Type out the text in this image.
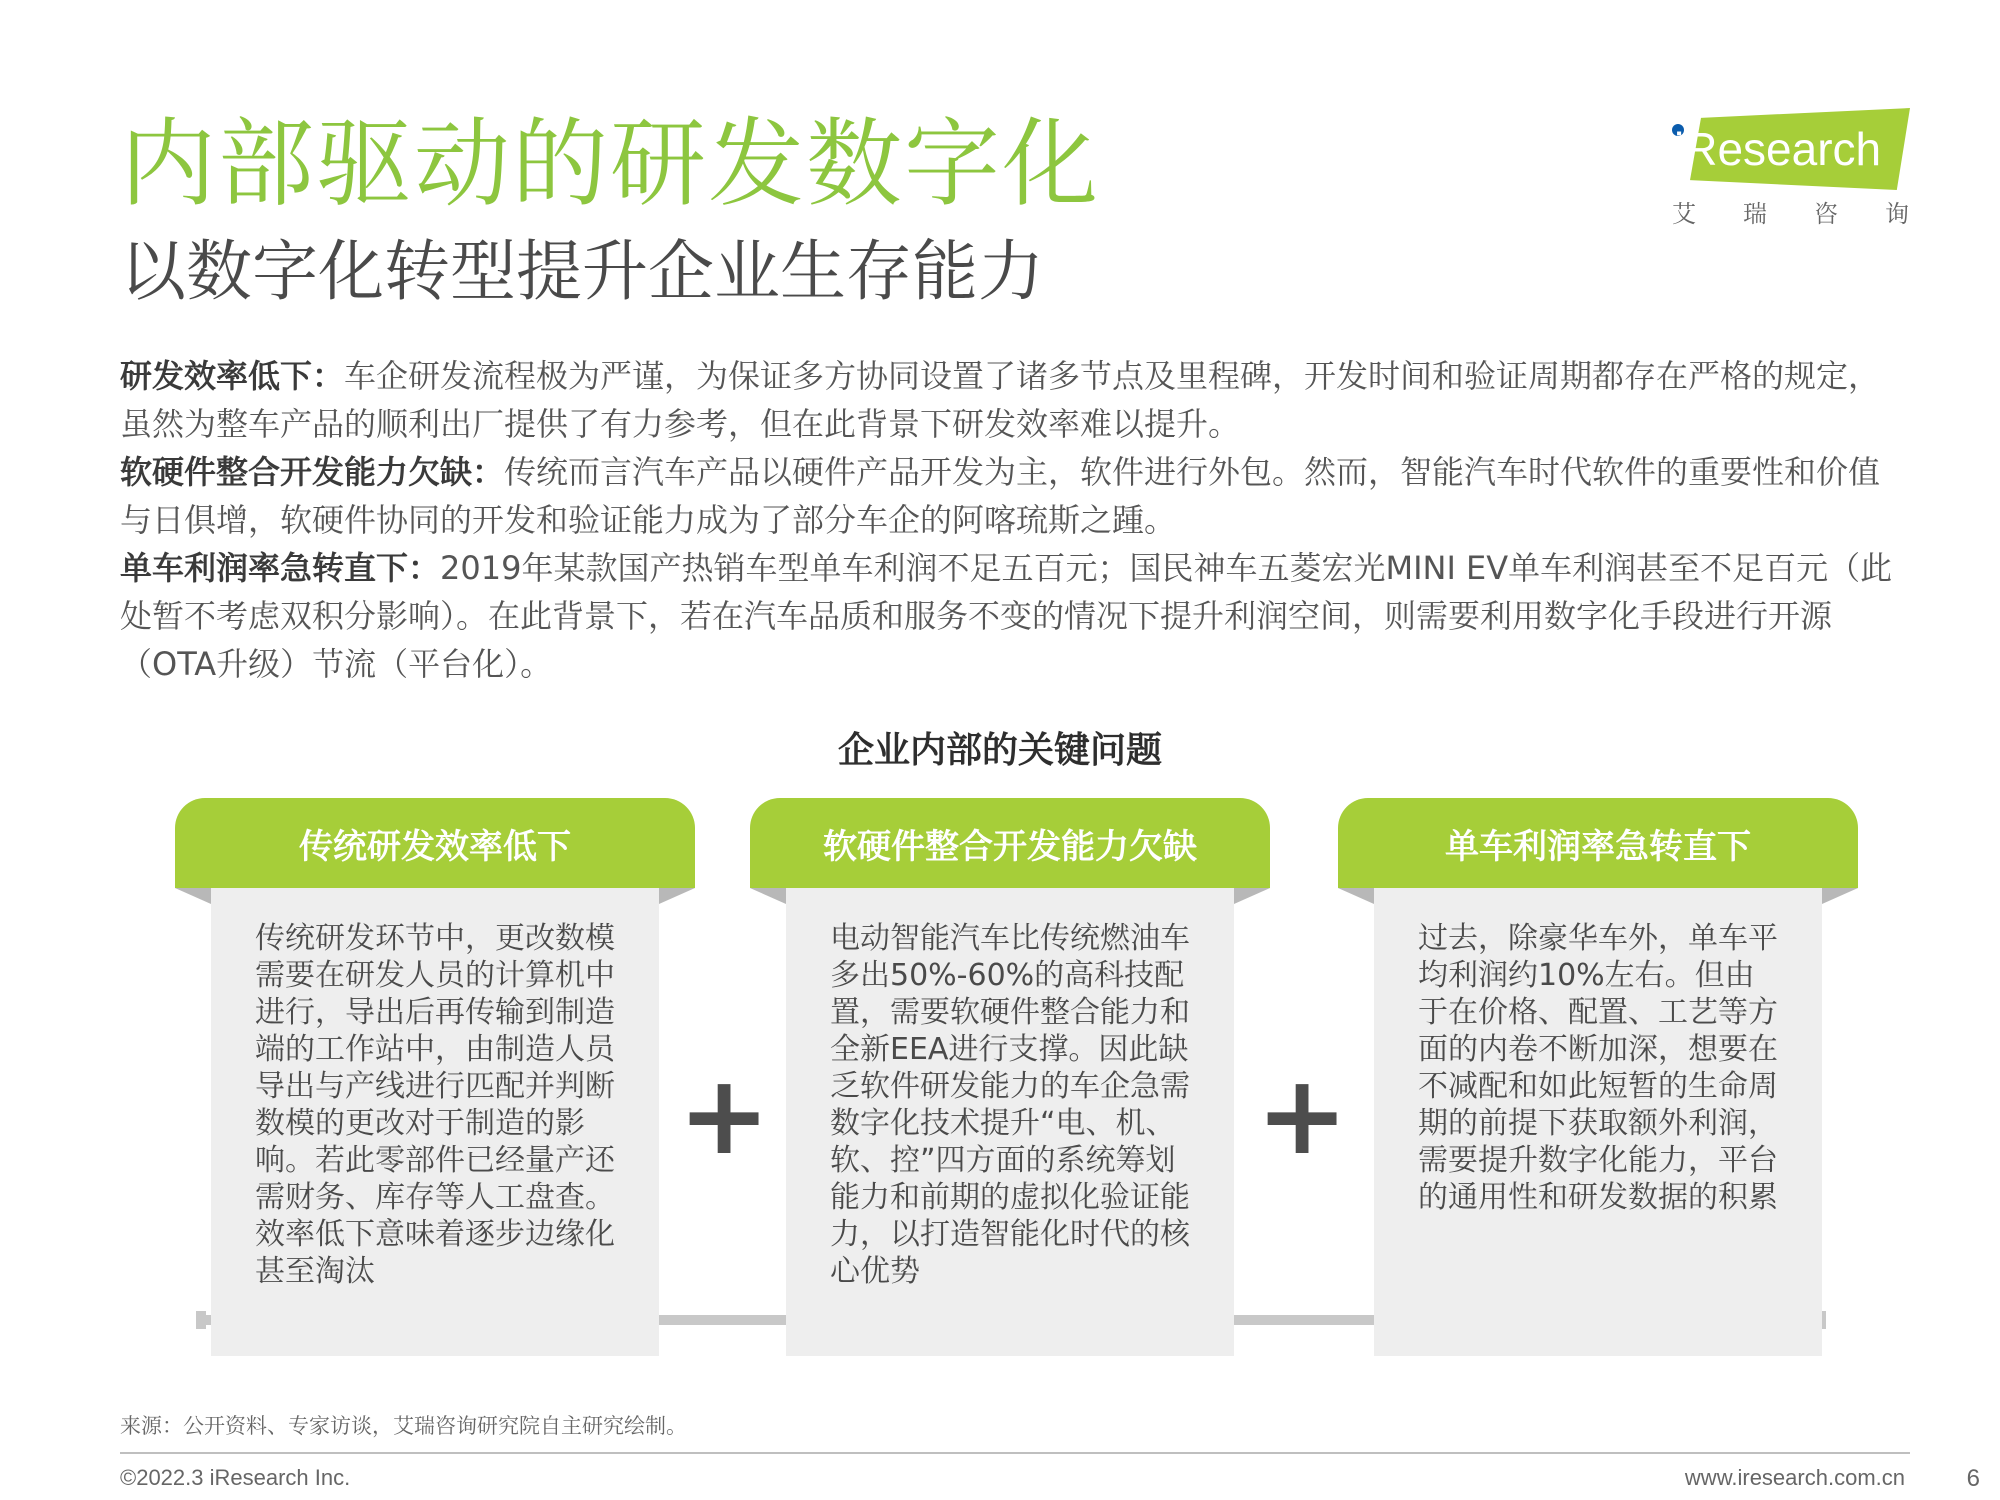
内部驱动的研发数字化
以数字化转型提升企业生存能力
iResearch
艾瑞咨询

研发效率低下：车企研发流程极为严谨，为保证多方协同设置了诸多节点及里程碑，开发时间和验证周期都存在严格的规定，虽然为整车产品的顺利出厂提供了有力参考，但在此背景下研发效率难以提升。

软硬件整合开发能力欠缺：传统而言汽车产品以硬件产品开发为主，软件进行外包。然而，智能汽车时代软件的重要性和价值与日俱增，软硬件协同的开发和验证能力成为了部分车企的阿喀琉斯之踵。

单车利润率急转直下：2019年某款国产热销车型单车利润不足五百元；国民神车五菱宏光MINI EV单车利润甚至不足百元（此处暂不考虑双积分影响）。在此背景下，若在汽车品质和服务不变的情况下提升利润空间，则需要利用数字化手段进行开源（OTA升级）节流（平台化）。

企业内部的关键问题
传统研发效率低下

传统研发环节中，更改数模需要在研发人员的计算机中进行，导出后再传输到制造端的工作站中，由制造人员导出与产线进行匹配并判断数模的更改对于制造的影响。若此零部件已经量产还需财务、库存等人工盘查。效率低下意味着逐步边缘化甚至淘汰

+
软硬件整合开发能力欠缺

电动智能汽车比传统燃油车多出50%-60%的高科技配置，需要软硬件整合能力和全新EEA进行支撑。因此缺乏软件研发能力的车企急需数字化技术提升“电、机、软、控”四方面的系统筹划能力和前期的虚拟化验证能力，以打造智能化时代的核心优势

+
单车利润率急转直下

过去，除豪华车外，单车平均利润约10%左右。但由于在价格、配置、工艺等方面的内卷不断加深，想要在不减配和如此短暂的生命周期的前提下获取额外利润，需要提升数字化能力，平台的通用性和研发数据的积累

来源：公开资料、专家访谈，艾瑞咨询研究院自主研究绘制。
©2022.3 iResearch Inc.	www.iresearch.com.cn	6
